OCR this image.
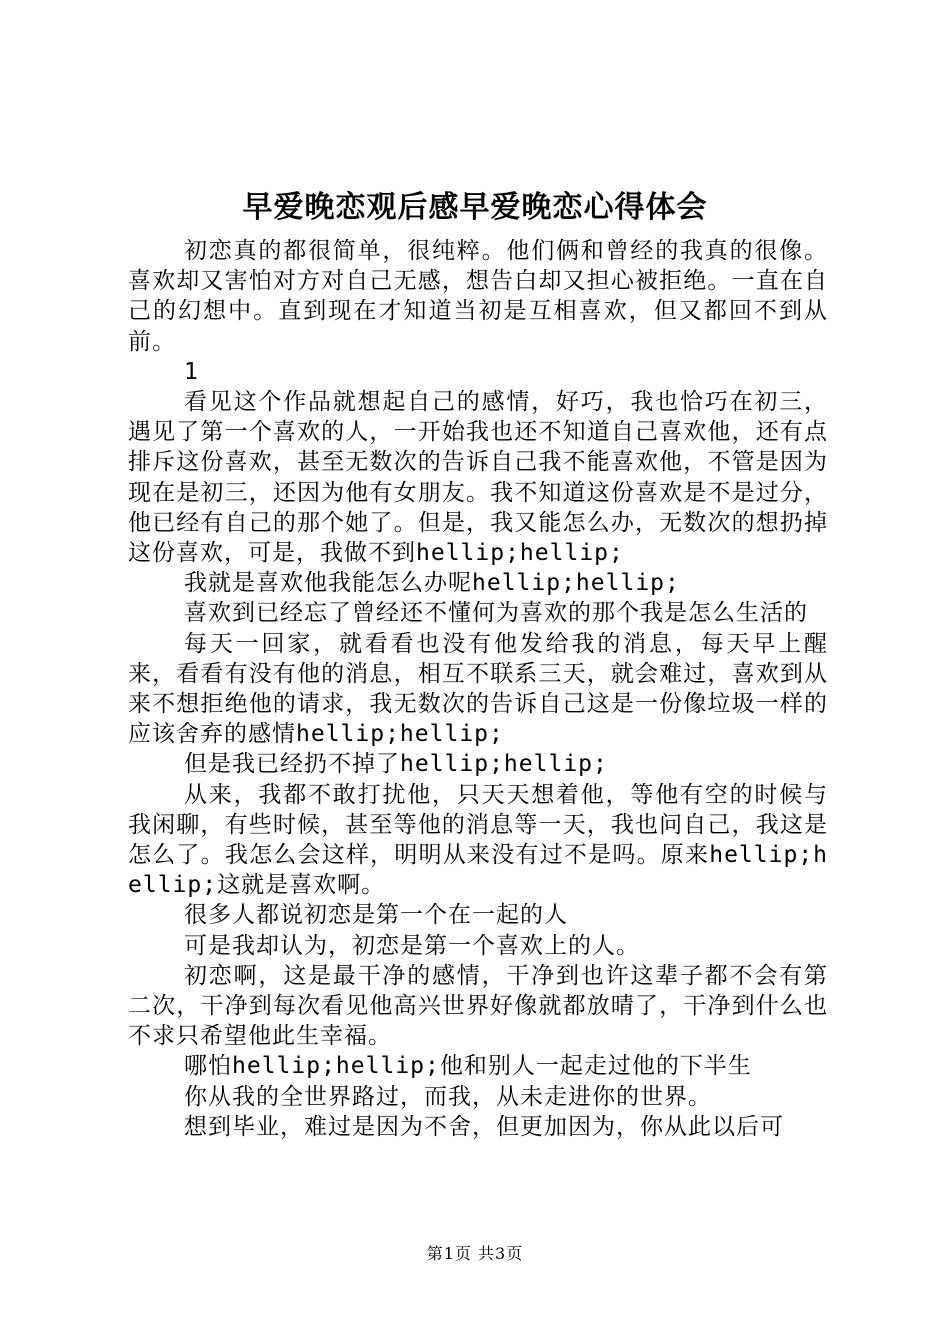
早爱晚恋观后感早爱晚恋心得体会

初恋真的都很简单，很纯粹。他们俩和曾经的我真的很像。喜欢却又害怕对方对自己无感，想告白却又担心被拒绝。一直在自己的幻想中。直到现在才知道当初是互相喜欢，但又都回不到从前。

1

看见这个作品就想起自己的感情，好巧，我也恰巧在初三，遇见了第一个喜欢的人，一开始我也还不知道自己喜欢他，还有点排斥这份喜欢，甚至无数次的告诉自己我不能喜欢他，不管是因为现在是初三，还因为他有女朋友。我不知道这份喜欢是不是过分，他已经有自己的那个她了。但是，我又能怎么办，无数次的想扔掉这份喜欢，可是，我做不到hellip;hellip;

我就是喜欢他我能怎么办呢hellip;hellip;

喜欢到已经忘了曾经还不懂何为喜欢的那个我是怎么生活的

每天一回家，就看看也没有他发给我的消息，每天早上醒来，看看有没有他的消息，相互不联系三天，就会难过，喜欢到从来不想拒绝他的请求，我无数次的告诉自己这是一份像垃圾一样的应该舍弃的感情hellip;hellip;

但是我已经扔不掉了hellip;hellip;

从来，我都不敢打扰他，只天天想着他，等他有空的时候与我闲聊，有些时候，甚至等他的消息等一天，我也问自己，我这是怎么了。我怎么会这样，明明从来没有过不是吗。原来hellip;hellip;这就是喜欢啊。

很多人都说初恋是第一个在一起的人

可是我却认为，初恋是第一个喜欢上的人。

初恋啊，这是最干净的感情，干净到也许这辈子都不会有第二次，干净到每次看见他高兴世界好像就都放晴了，干净到什么也不求只希望他此生幸福。

哪怕hellip;hellip;他和别人一起走过他的下半生

你从我的全世界路过，而我，从未走进你的世界。

想到毕业，难过是因为不舍，但更加因为，你从此以后可

第1页 共3页
